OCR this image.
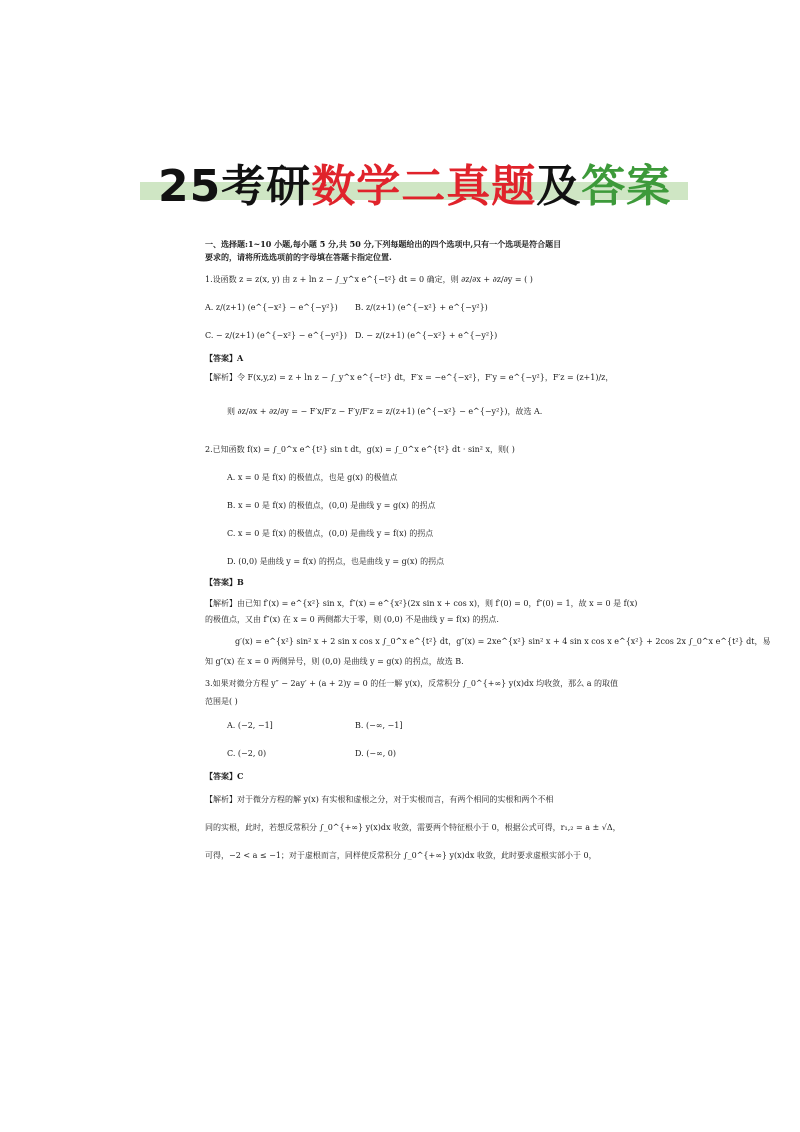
25考研数学二真题及答案
一、选择题:1~10 小题,每小题 5 分,共 50 分,下列每题给出的四个选项中,只有一个选项是符合题目
要求的，请将所选选项前的字母填在答题卡指定位置.
1.设函数 z = z(x, y) 由 z + ln z − ∫_y^x e^{−t²} dt = 0 确定，则 ∂z/∂x + ∂z/∂y = ( )
A. z/(z+1) (e^{−x²} − e^{−y²}) B. z/(z+1) (e^{−x²} + e^{−y²})
C. − z/(z+1) (e^{−x²} − e^{−y²}) D. − z/(z+1) (e^{−x²} + e^{−y²})
【答案】A
【解析】令 F(x,y,z) = z + ln z − ∫_y^x e^{−t²} dt，F′x = −e^{−x²}，F′y = e^{−y²}，F′z = (z+1)/z，
则 ∂z/∂x + ∂z/∂y = − F′x/F′z − F′y/F′z = z/(z+1) (e^{−x²} − e^{−y²})，故选 A.
2.已知函数 f(x) = ∫_0^x e^{t²} sin t dt，g(x) = ∫_0^x e^{t²} dt · sin² x，则( )
A. x = 0 是 f(x) 的极值点，也是 g(x) 的极值点
B. x = 0 是 f(x) 的极值点，(0,0) 是曲线 y = g(x) 的拐点
C. x = 0 是 f(x) 的极值点，(0,0) 是曲线 y = f(x) 的拐点
D. (0,0) 是曲线 y = f(x) 的拐点，也是曲线 y = g(x) 的拐点
【答案】B
【解析】由已知 f′(x) = e^{x²} sin x，f″(x) = e^{x²}(2x sin x + cos x)，则 f′(0) = 0，f″(0) = 1，故 x = 0 是 f(x)
的极值点，又由 f″(x) 在 x = 0 两侧都大于零，则 (0,0) 不是曲线 y = f(x) 的拐点.
g′(x) = e^{x²} sin² x + 2 sin x cos x ∫_0^x e^{t²} dt，g″(x) = 2xe^{x²} sin² x + 4 sin x cos x e^{x²} + 2cos 2x ∫_0^x e^{t²} dt，易
知 g″(x) 在 x = 0 两侧异号，则 (0,0) 是曲线 y = g(x) 的拐点，故选 B.
3.如果对微分方程 y″ − 2ay′ + (a + 2)y = 0 的任一解 y(x)，反常积分 ∫_0^{+∞} y(x)dx 均收敛，那么 a 的取值
范围是( )
A. (−2, −1]	B. (−∞, −1]
C. (−2, 0)	D. (−∞, 0)
【答案】C
【解析】对于微分方程的解 y(x) 有实根和虚根之分，对于实根而言，有两个相同的实根和两个不相
同的实根，此时，若想反常积分 ∫_0^{+∞} y(x)dx 收敛，需要两个特征根小于 0，根据公式可得，r₁,₂ = a ± √Δ，
可得，−2 < a ≤ −1；对于虚根而言，同样使反常积分 ∫_0^{+∞} y(x)dx 收敛，此时要求虚根实部小于 0，
